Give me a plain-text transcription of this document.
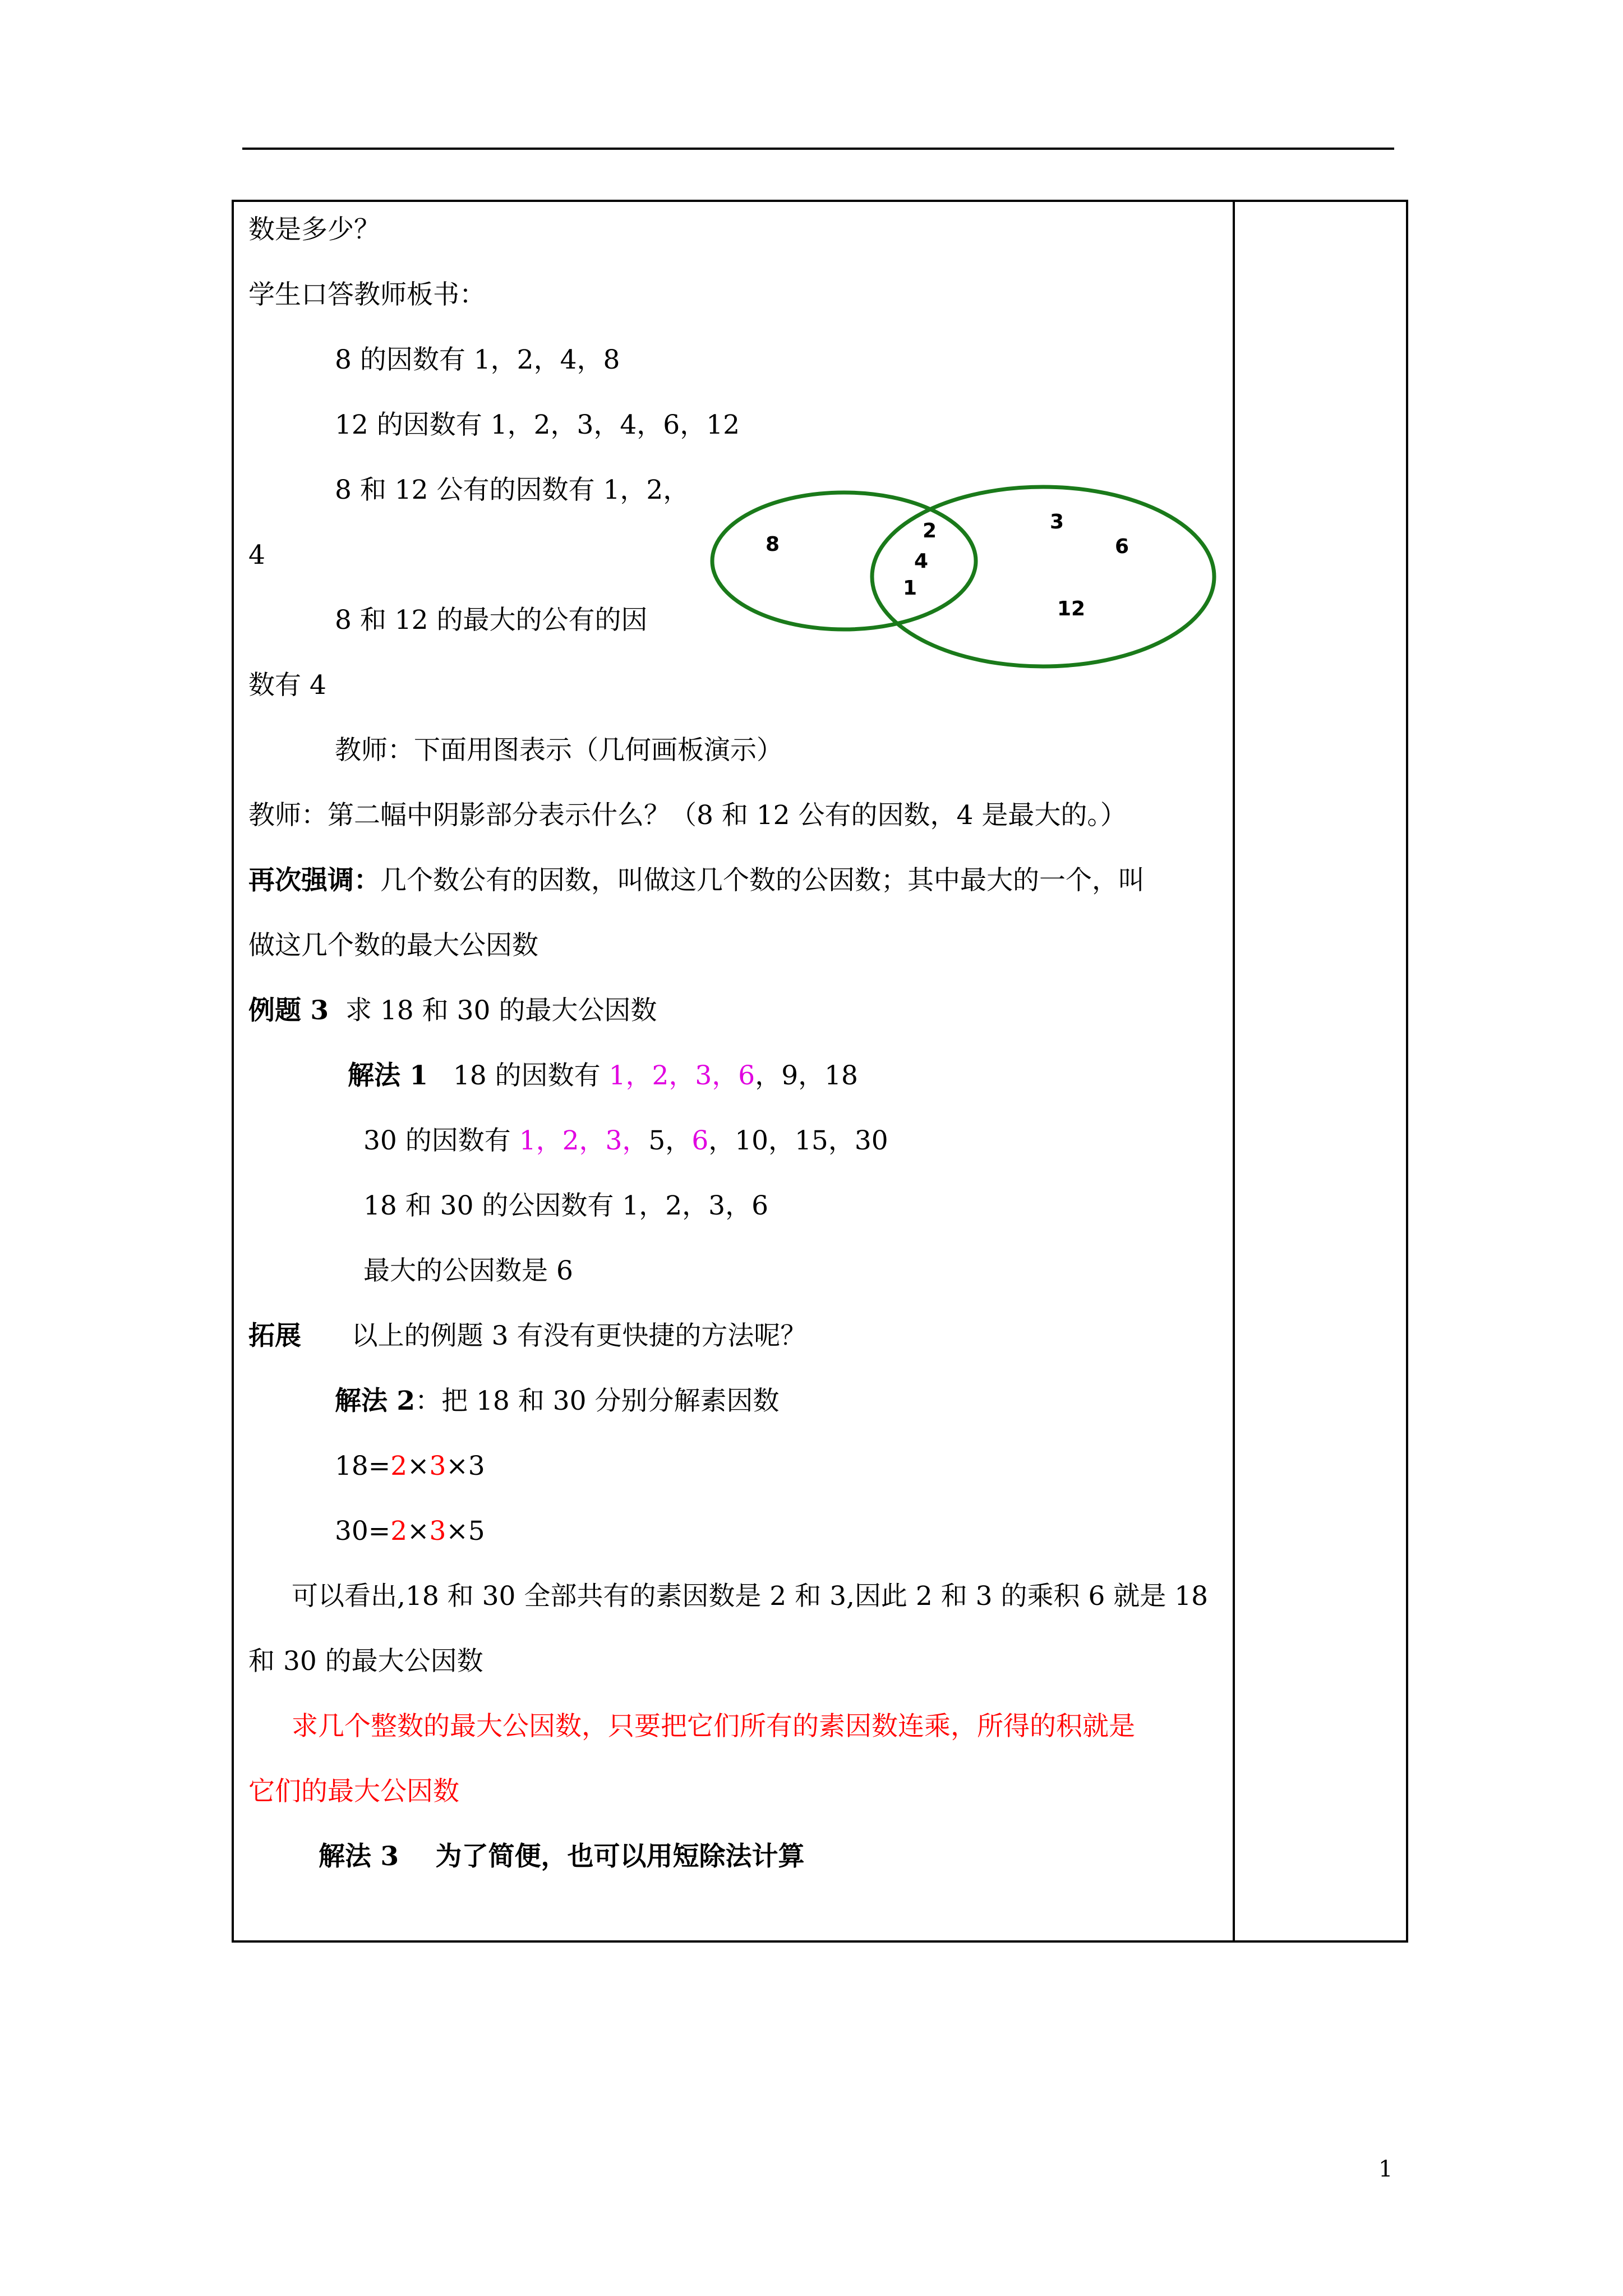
数是多少？
学生口答教师板书：
8 的因数有 1，2，4，8
12 的因数有 1，2，3，4，6，12
8 和 12 公有的因数有 1，2，
4
8 和 12 的最大的公有的因
数有 4
教师：下面用图表示（几何画板演示）
教师：第二幅中阴影部分表示什么？（8 和 12 公有的因数，4 是最大的。）
再次强调：几个数公有的因数，叫做这几个数的公因数；其中最大的一个，叫
做这几个数的最大公因数
例题 3  求 18 和 30 的最大公因数
解法 1   18 的因数有 1，2，3，6，9，18
30 的因数有 1，2，3，5，6，10，15，30
18 和 30 的公因数有 1，2，3，6
最大的公因数是 6
拓展      以上的例题 3 有没有更快捷的方法呢？
解法 2：把 18 和 30 分别分解素因数
18=2×3×3
30=2×3×5
可以看出,18 和 30 全部共有的素因数是 2 和 3,因此 2 和 3 的乘积 6 就是 18
和 30 的最大公因数
求几个整数的最大公因数，只要把它们所有的素因数连乘，所得的积就是
它们的最大公因数
解法 3    为了简便，也可以用短除法计算
8
2
4
1
3
6
12
1
